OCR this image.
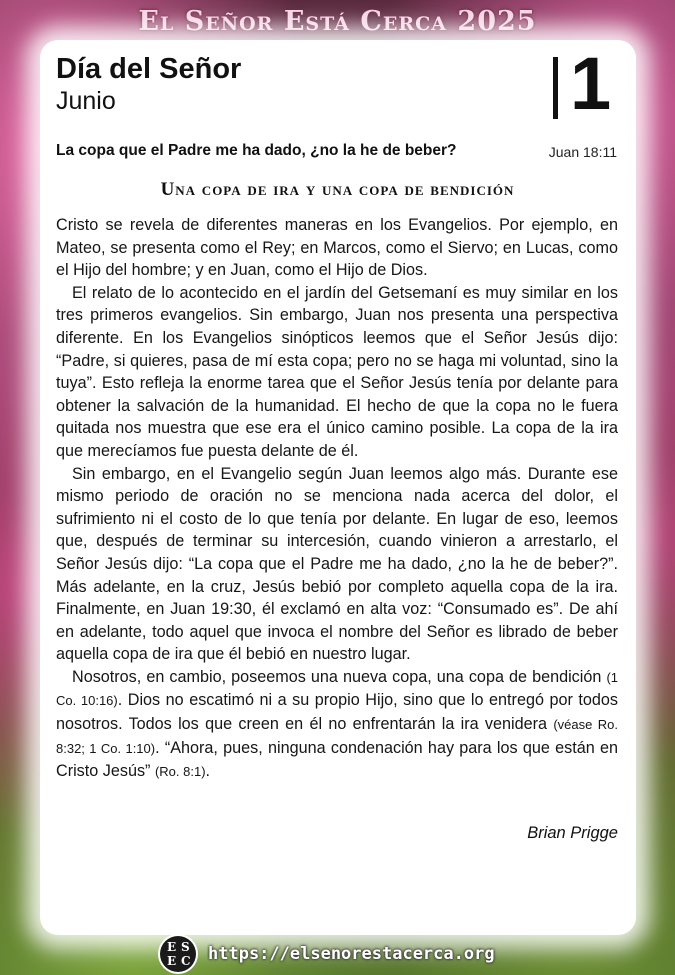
El Señor Está Cerca 2025
Día del Señor
Junio	1
La copa que el Padre me ha dado, ¿no la he de beber?	Juan 18:11
Una copa de ira y una copa de bendición

Cristo se revela de diferentes maneras en los Evangelios. Por ejemplo, en Mateo, se presenta como el Rey; en Marcos, como el Siervo; en Lucas, como el Hijo del hombre; y en Juan, como el Hijo de Dios.

El relato de lo acontecido en el jardín del Getsemaní es muy similar en los tres primeros evangelios. Sin embargo, Juan nos presenta una perspectiva diferente. En los Evangelios sinópticos leemos que el Señor Jesús dijo: “Padre, si quieres, pasa de mí esta copa; pero no se haga mi voluntad, sino la tuya”. Esto refleja la enorme tarea que el Señor Jesús tenía por delante para obtener la salvación de la humanidad. El hecho de que la copa no le fuera quitada nos muestra que ese era el único camino posible. La copa de la ira que merecíamos fue puesta delante de él.

Sin embargo, en el Evangelio según Juan leemos algo más. Durante ese mismo periodo de oración no se menciona nada acerca del dolor, el sufrimiento ni el costo de lo que tenía por delante. En lugar de eso, leemos que, después de terminar su intercesión, cuando vinieron a arrestarlo, el Señor Jesús dijo: “La copa que el Padre me ha dado, ¿no la he de beber?”. Más adelante, en la cruz, Jesús bebió por completo aquella copa de la ira. Finalmente, en Juan 19:30, él exclamó en alta voz: “Consumado es”. De ahí en adelante, todo aquel que invoca el nombre del Señor es librado de beber aquella copa de ira que él bebió en nuestro lugar.

Nosotros, en cambio, poseemos una nueva copa, una copa de bendición (1 Co. 10:16). Dios no escatimó ni a su propio Hijo, sino que lo entregó por todos nosotros. Todos los que creen en él no enfrentarán la ira venidera (véase Ro. 8:32; 1 Co. 1:10). “Ahora, pues, ninguna condenación hay para los que están en Cristo Jesús” (Ro. 8:1).

Brian Prigge
E S
E C https://elsenorestacerca.org
